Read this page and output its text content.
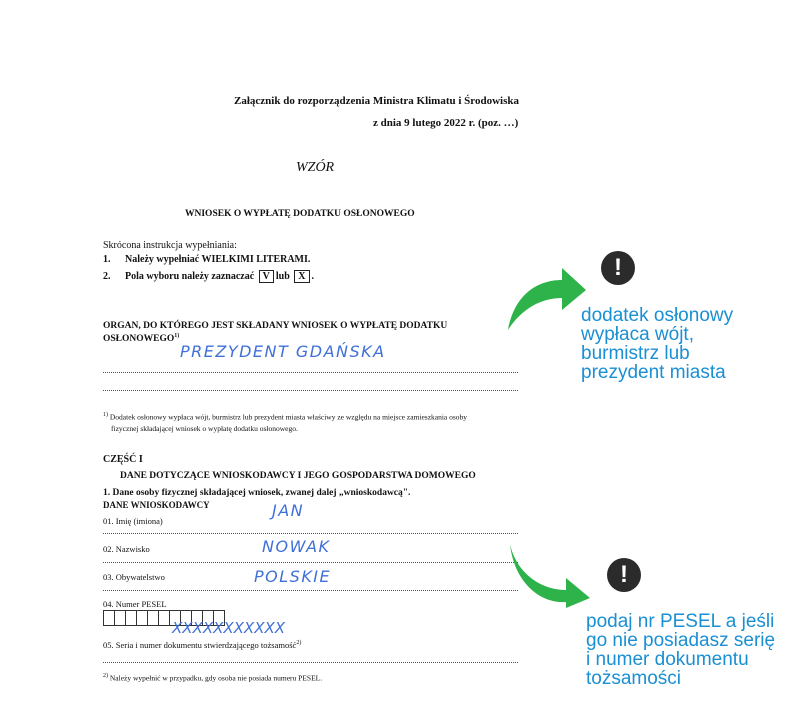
Załącznik do rozporządzenia Ministra Klimatu i Środowiska
z dnia 9 lutego 2022 r. (poz. …)
WZÓR
WNIOSEK O WYPŁATĘ DODATKU OSŁONOWEGO
Skrócona instrukcja wypełniania:
1. Należy wypełniać WIELKIMI LITERAMI.
2. Pola wyboru należy zaznaczać V lub X .
ORGAN, DO KTÓREGO JEST SKŁADANY WNIOSEK O WYPŁATĘ DODATKU
OSŁONOWEGO$^{1)}$
PREZYDENT GDAŃSKA
$^{1)}$ Dodatek osłonowy wypłaca wójt, burmistrz lub prezydent miasta właściwy ze względu na miejsce zamieszkania osoby
fizycznej składającej wniosek o wypłatę dodatku osłonowego.
CZĘŚĆ I
DANE DOTYCZĄCE WNIOSKODAWCY I JEGO GOSPODARSTWA DOMOWEGO
1. Dane osoby fizycznej składającej wniosek, zwanej dalej „wnioskodawcą".
DANE WNIOSKODAWCY
01. Imię (imiona)
JAN
02. Nazwisko	NOWAK
03. Obywatelstwo	POLSKIE
04. Numer PESEL
XXXXXXXXXXX
05. Seria i numer dokumentu stwierdzającego tożsamość$^{2)}$
$^{2)}$ Należy wypełnić w przypadku, gdy osoba nie posiada numeru PESEL.
!
dodatek osłonowy
wypłaca wójt,
burmistrz lub
prezydent miasta
!
podaj nr PESEL a jeśli
go nie posiadasz serię
i numer dokumentu
tożsamości
